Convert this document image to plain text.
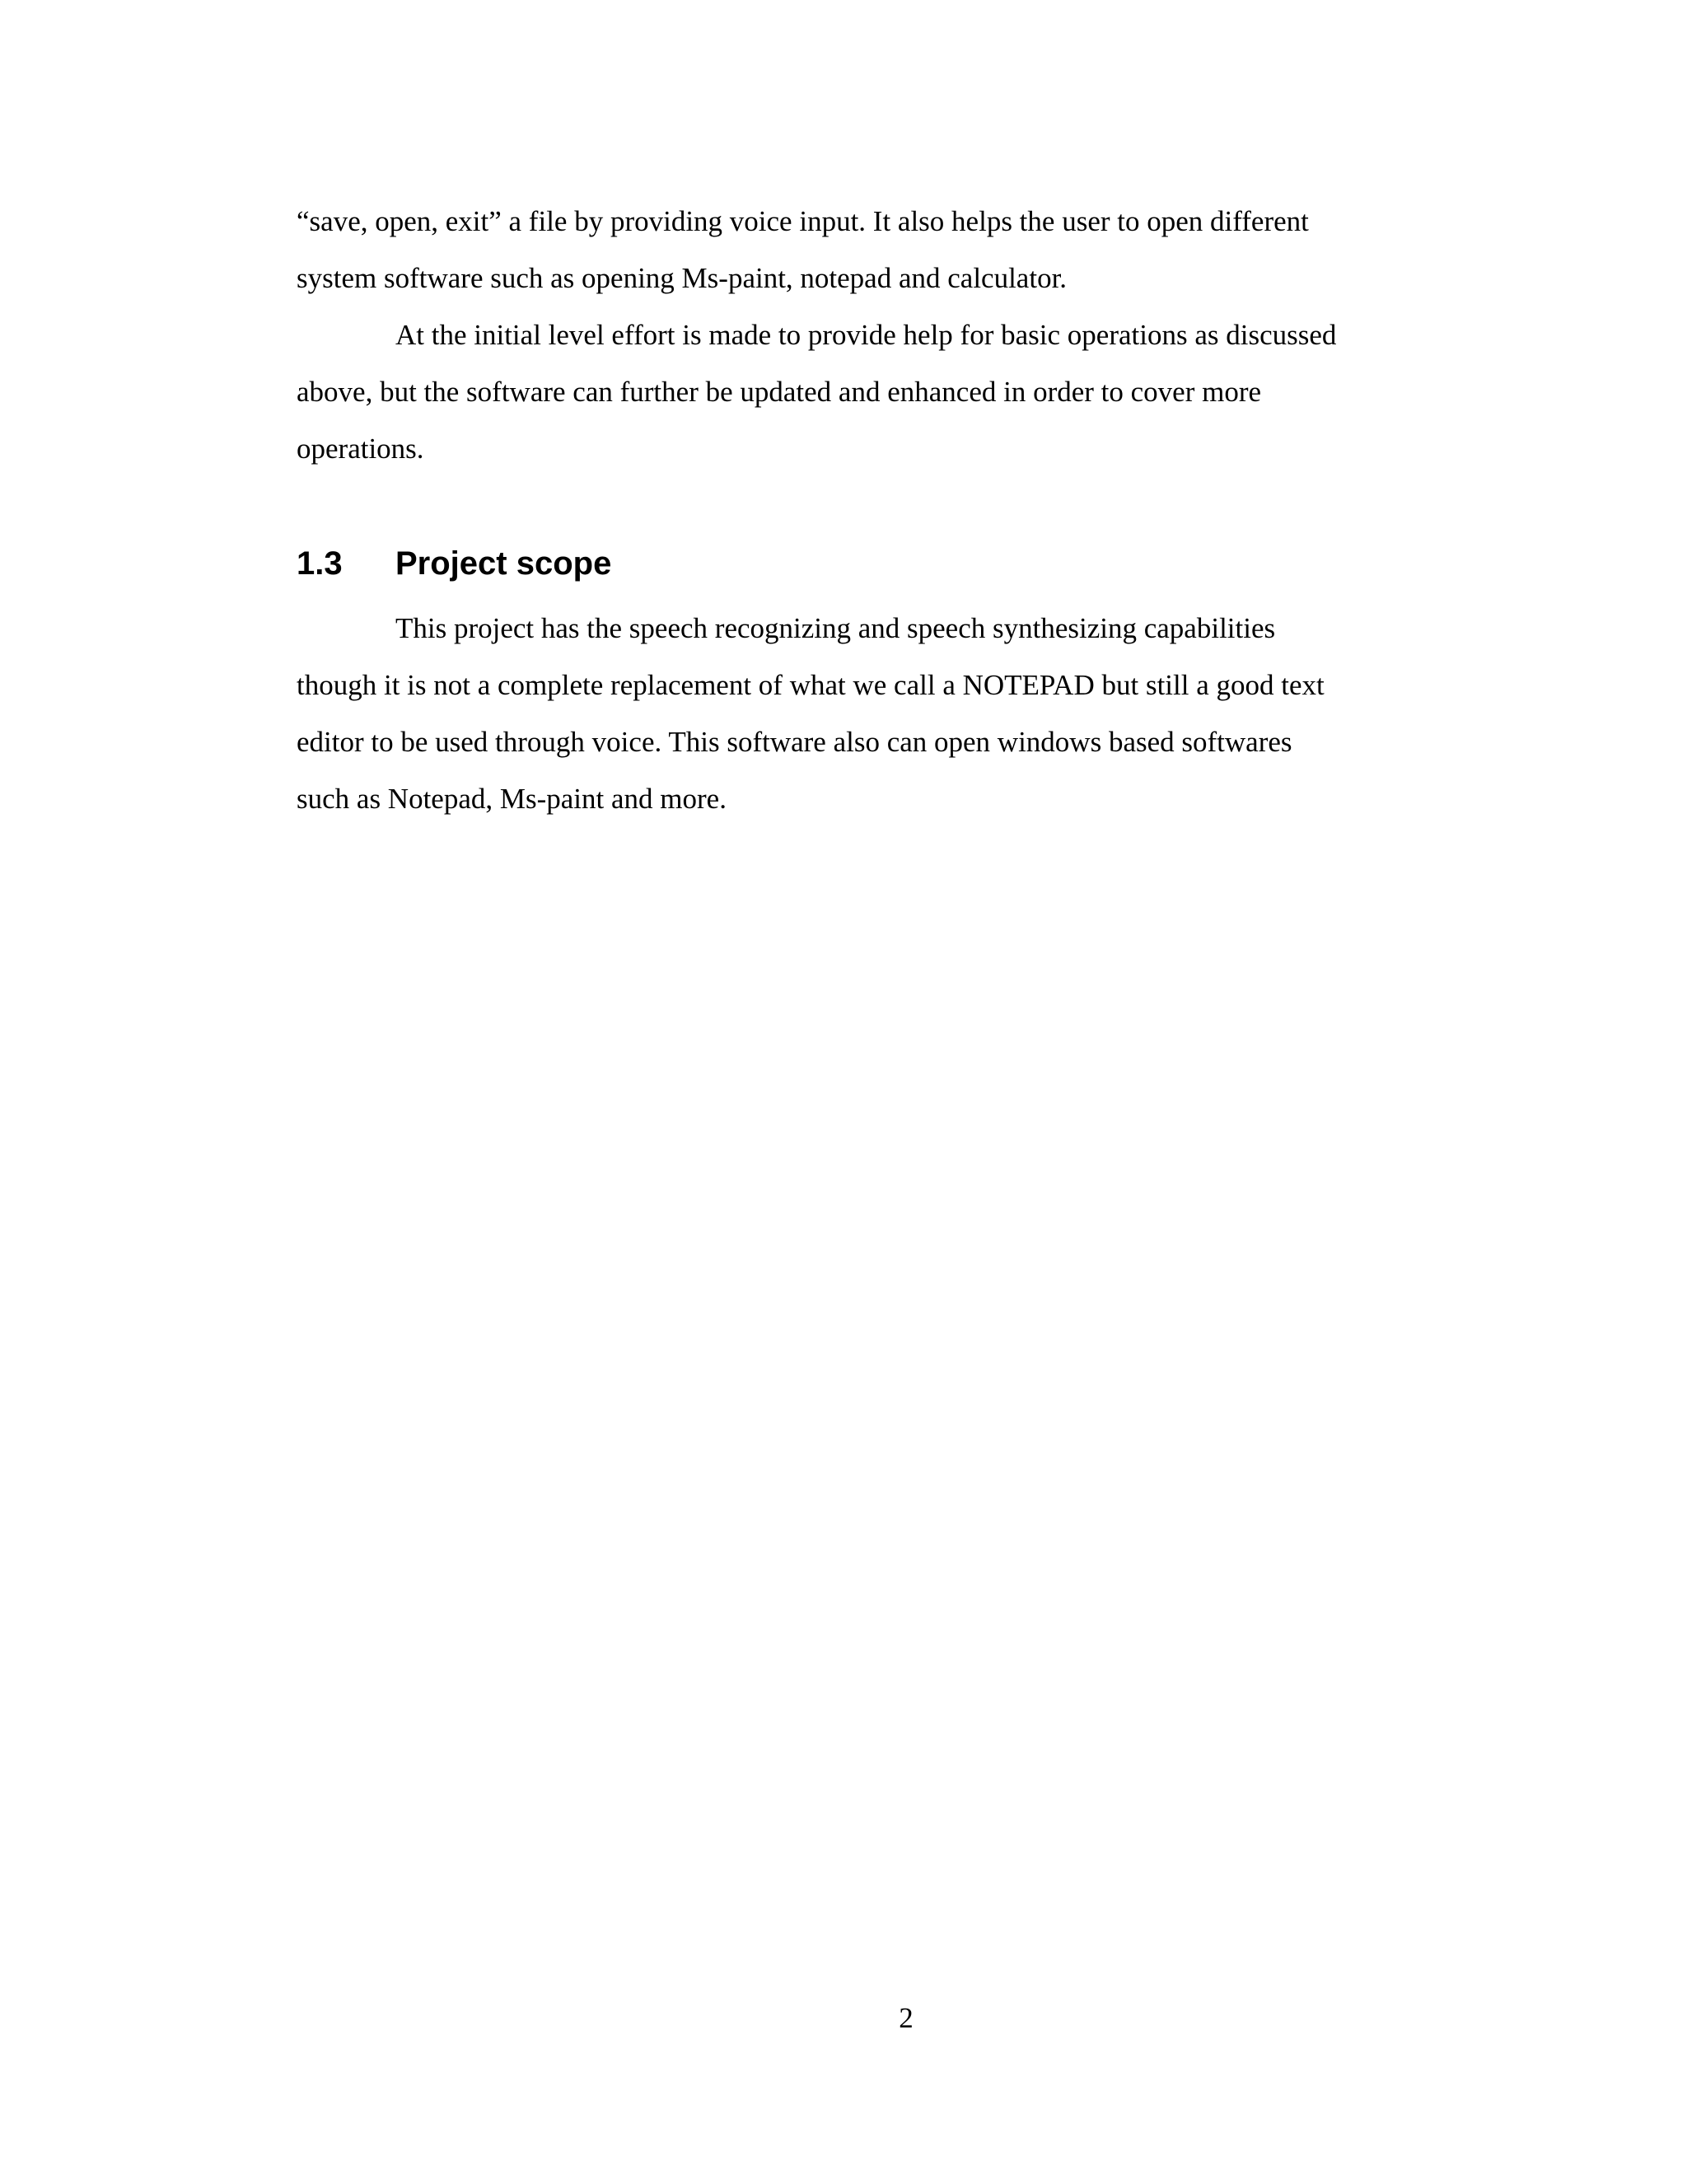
“save, open, exit” a file by providing voice input. It also helps the user to open different
system software such as opening Ms-paint, notepad and calculator.

At the initial level effort is made to provide help for basic operations as discussed
above, but the software can further be updated and enhanced in order to cover more
operations.

1.3 Project scope

This project has the speech recognizing and speech synthesizing capabilities
though it is not a complete replacement of what we call a NOTEPAD but still a good text
editor to be used through voice. This software also can open windows based softwares
such as Notepad, Ms-paint and more.

2
